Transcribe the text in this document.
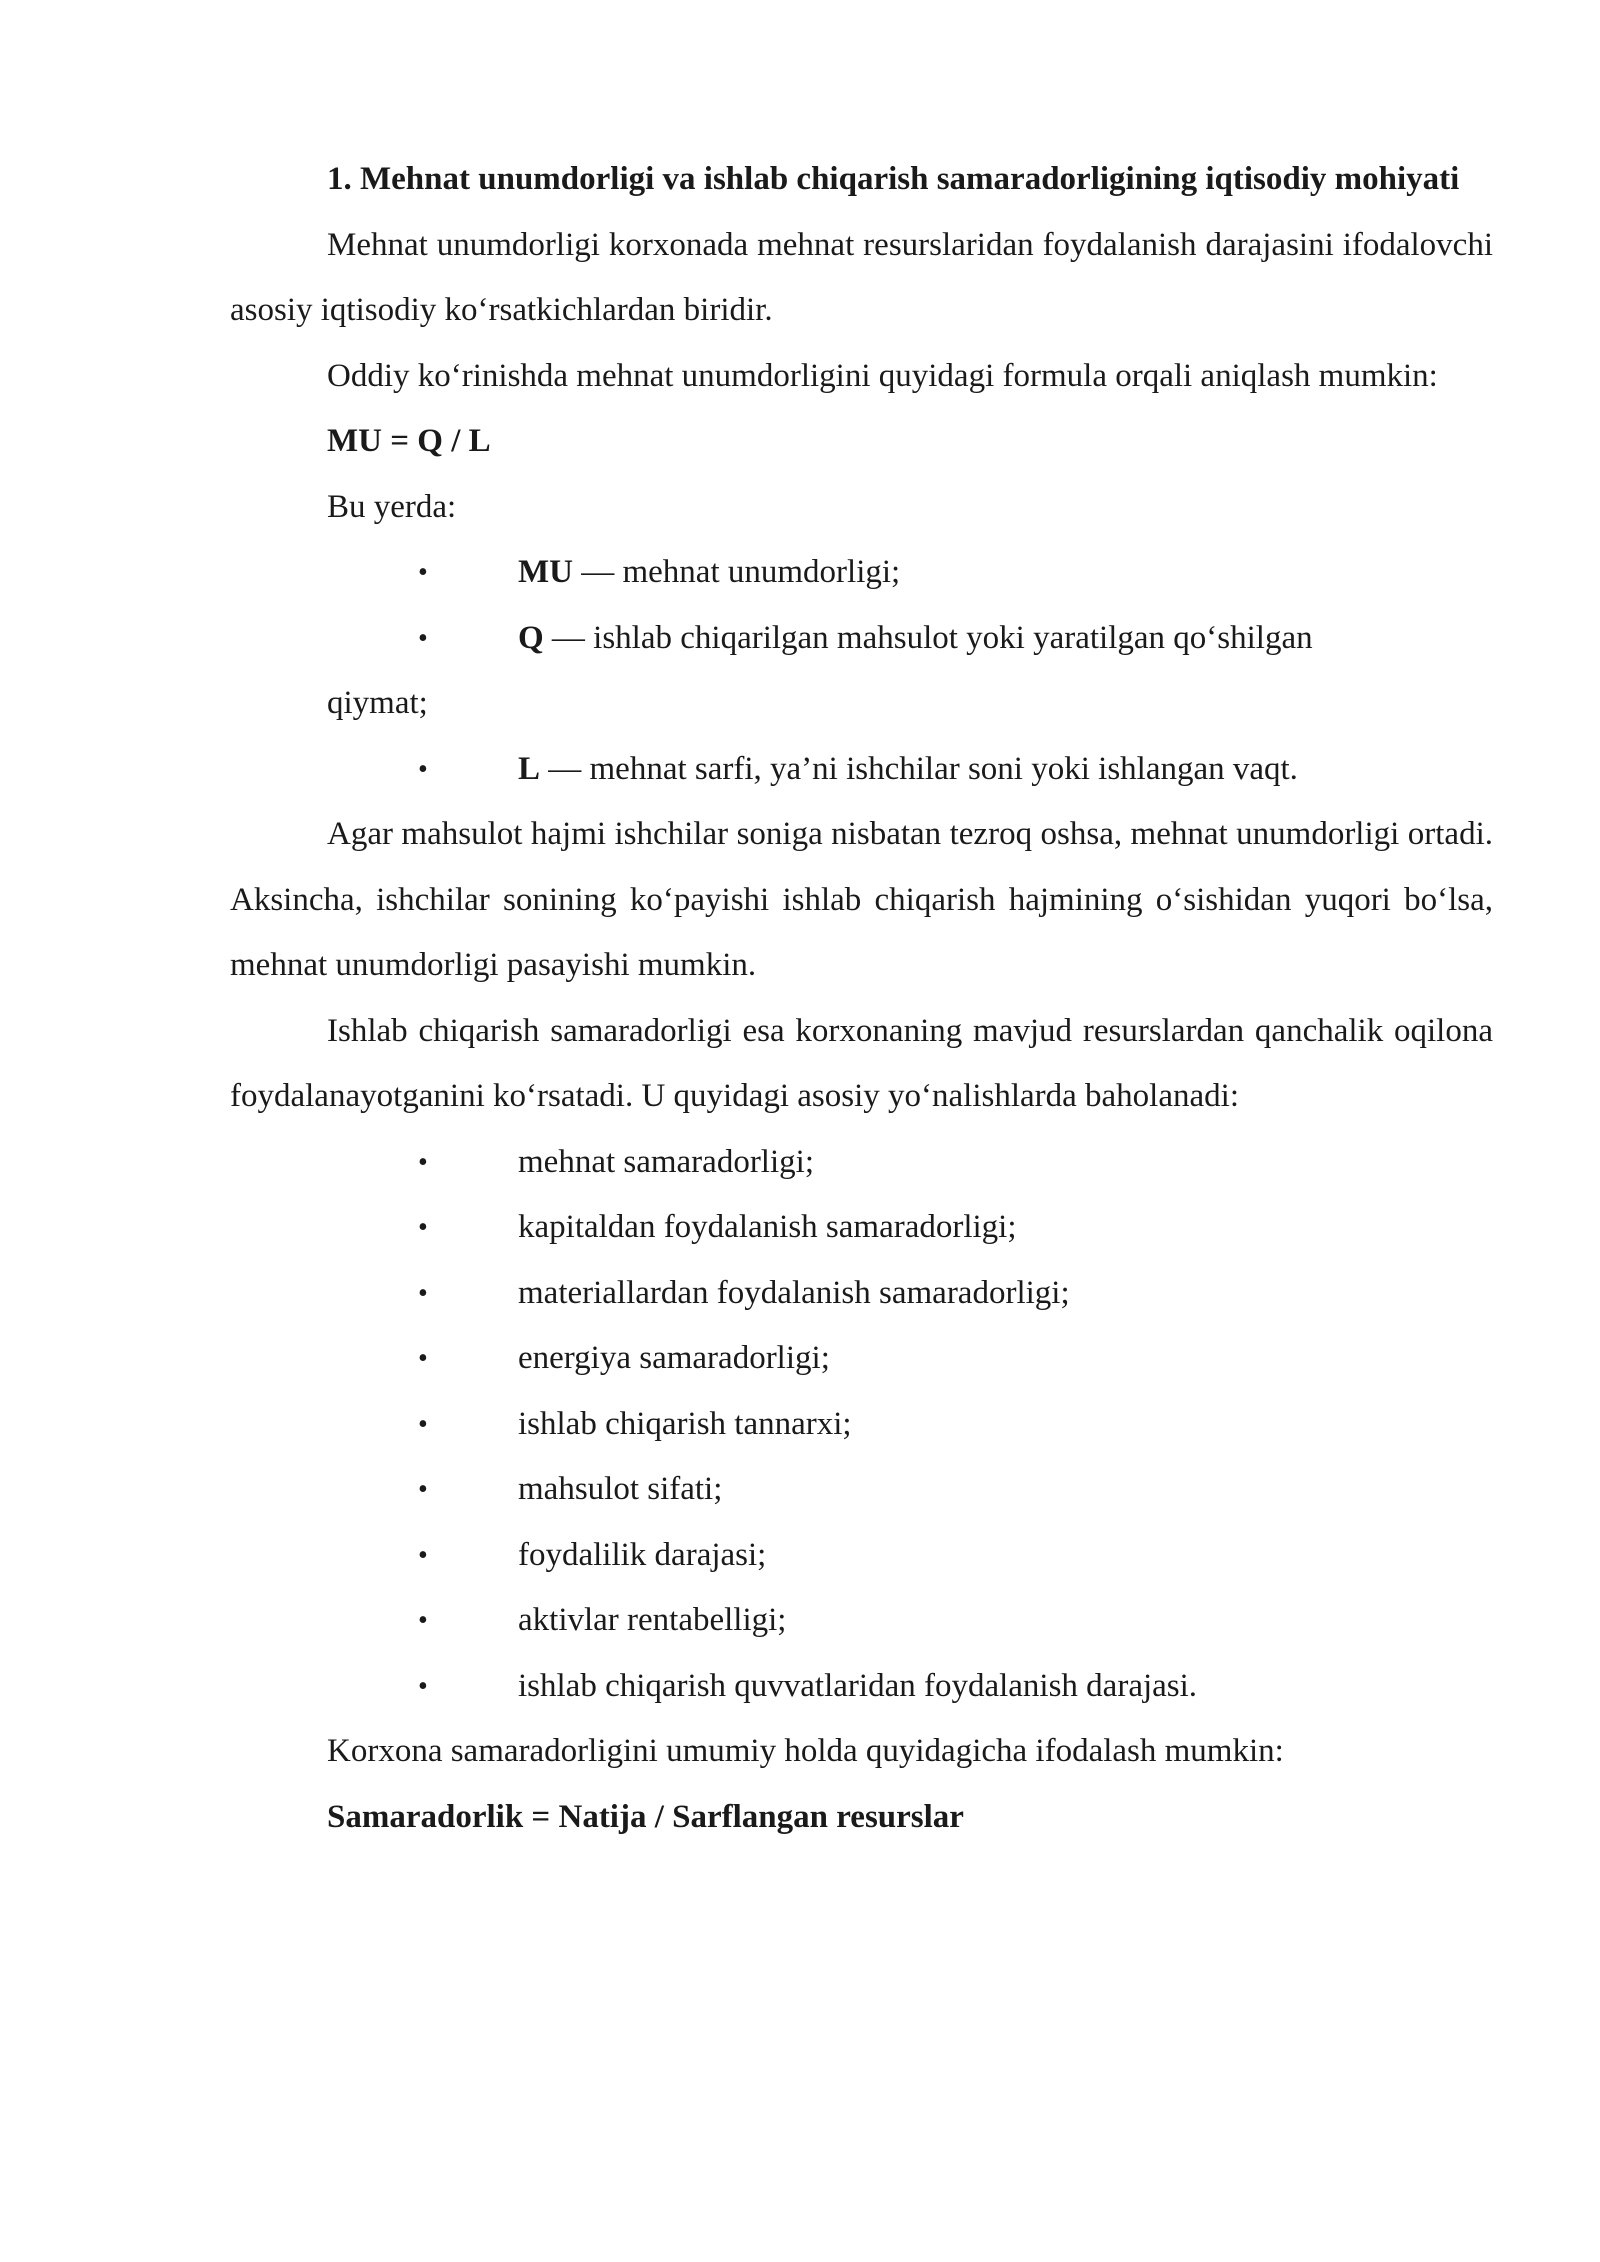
1. Mehnat unumdorligi va ishlab chiqarish samaradorligining iqtisodiy mohiyati

Mehnat unumdorligi korxonada mehnat resurslaridan foydalanish darajasini ifodalovchi asosiy iqtisodiy ko‘rsatkichlardan biridir.

Oddiy ko‘rinishda mehnat unumdorligini quyidagi formula orqali aniqlash mumkin:

MU = Q / L

Bu yerda:

•	MU — mehnat unumdorligi;
•	Q — ishlab chiqarilgan mahsulot yoki yaratilgan qo‘shilgan
qiymat;
•	L — mehnat sarfi, ya’ni ishchilar soni yoki ishlangan vaqt.

Agar mahsulot hajmi ishchilar soniga nisbatan tezroq oshsa, mehnat unumdorligi ortadi. Aksincha, ishchilar sonining ko‘payishi ishlab chiqarish hajmining o‘sishidan yuqori bo‘lsa, mehnat unumdorligi pasayishi mumkin.

Ishlab chiqarish samaradorligi esa korxonaning mavjud resurslardan qanchalik oqilona foydalanayotganini ko‘rsatadi. U quyidagi asosiy yo‘nalishlarda baholanadi:

•	mehnat samaradorligi;
•	kapitaldan foydalanish samaradorligi;
•	materiallardan foydalanish samaradorligi;
•	energiya samaradorligi;
•	ishlab chiqarish tannarxi;
•	mahsulot sifati;
•	foydalilik darajasi;
•	aktivlar rentabelligi;
•	ishlab chiqarish quvvatlaridan foydalanish darajasi.

Korxona samaradorligini umumiy holda quyidagicha ifodalash mumkin:

Samaradorlik = Natija / Sarflangan resurslar
